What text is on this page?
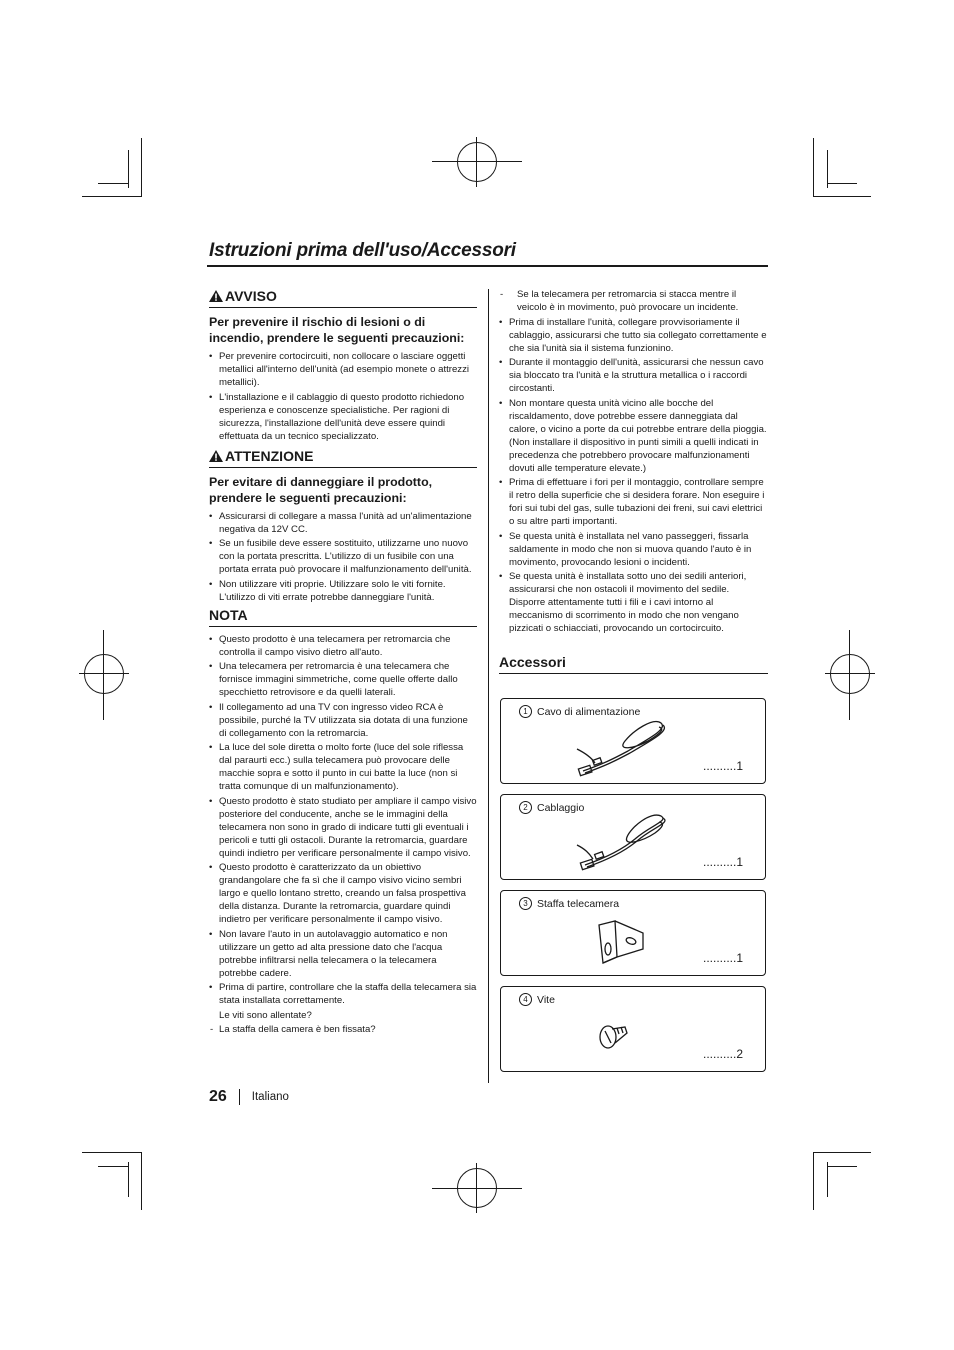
Istruzioni prima dell'uso/Accessori
AVVISO

Per prevenire il rischio di lesioni o di incendio, prendere le seguenti precauzioni:

• Per prevenire cortocircuiti, non collocare o lasciare oggetti metallici all'interno dell'unità (ad esempio monete o attrezzi metallici).
• L'installazione e il cablaggio di questo prodotto richiedono esperienza e conoscenze specialistiche. Per ragioni di sicurezza, l'installazione dell'unità deve essere quindi effettuata da un tecnico specializzato.
ATTENZIONE

Per evitare di danneggiare il prodotto, prendere le seguenti precauzioni:

• Assicurarsi di collegare a massa l'unità ad un'alimentazione negativa da 12V CC.
• Se un fusibile deve essere sostituito, utilizzarne uno nuovo con la portata prescritta. L'utilizzo di un fusibile con una portata errata può provocare il malfunzionamento dell'unità.
• Non utilizzare viti proprie. Utilizzare solo le viti fornite. L'utilizzo di viti errate potrebbe danneggiare l'unità.
NOTA
• Questo prodotto è una telecamera per retromarcia che controlla il campo visivo dietro all'auto.
• Una telecamera per retromarcia è una telecamera che fornisce immagini simmetriche, come quelle offerte dallo specchietto retrovisore e da quelli laterali.
• Il collegamento ad una TV con ingresso video RCA è possibile, purché la TV utilizzata sia dotata di una funzione di collegamento con la retromarcia.
• La luce del sole diretta o molto forte (luce del sole riflessa dal paraurti ecc.) sulla telecamera può provocare delle macchie sopra e sotto il punto in cui batte la luce (non si tratta comunque di un malfunzionamento).
• Questo prodotto è stato studiato per ampliare il campo visivo posteriore del conducente, anche se le immagini della telecamera non sono in grado di indicare tutti gli eventuali i pericoli e tutti gli ostacoli. Durante la retromarcia, guardare quindi indietro per verificare personalmente il campo visivo.
• Questo prodotto è caratterizzato da un obiettivo grandangolare che fa sì che il campo visivo vicino sembri largo e quello lontano stretto, creando un falsa prospettiva della distanza. Durante la retromarcia, guardare quindi indietro per verificare personalmente il campo visivo.
• Non lavare l'auto in un autolavaggio automatico e non utilizzare un getto ad alta pressione dato che l'acqua potrebbe infiltrarsi nella telecamera o la telecamera potrebbe cadere.
• Prima di partire, controllare che la staffa della telecamera sia stata installata correttamente.
Le viti sono allentate?
- La staffa della camera è ben fissata?
- Se la telecamera per retromarcia si stacca mentre il veicolo è in movimento, può provocare un incidente.
• Prima di installare l'unità, collegare provvisoriamente il cablaggio, assicurarsi che tutto sia collegato correttamente e che sia l'unità sia il sistema funzionino.
• Durante il montaggio dell'unità, assicurarsi che nessun cavo sia bloccato tra l'unità e la struttura metallica o i raccordi circostanti.
• Non montare questa unità vicino alle bocche del riscaldamento, dove potrebbe essere danneggiata dal calore, o vicino a porte da cui potrebbe entrare della pioggia. (Non installare il dispositivo in punti simili a quelli indicati in precedenza che potrebbero provocare malfunzionamenti dovuti alle temperature elevate.)
• Prima di effettuare i fori per il montaggio, controllare sempre il retro della superficie che si desidera forare. Non eseguire i fori sui tubi del gas, sulle tubazioni dei freni, sui cavi elettrici o su altre parti importanti.
• Se questa unità è installata nel vano passeggeri, fissarla saldamente in modo che non si muova quando l'auto è in movimento, provocando lesioni o incidenti.
• Se questa unità è installata sotto uno dei sedili anteriori, assicurarsi che non ostacoli il movimento del sedile. Disporre attentamente tutti i fili e i cavi intorno al meccanismo di scorrimento in modo che non vengano pizzicati o schiacciati, provocando un cortocircuito.
Accessori
1 Cavo di alimentazione
..........1
2 Cablaggio
..........1
3 Staffa telecamera
..........1
4 Vite
..........2
26 Italiano
